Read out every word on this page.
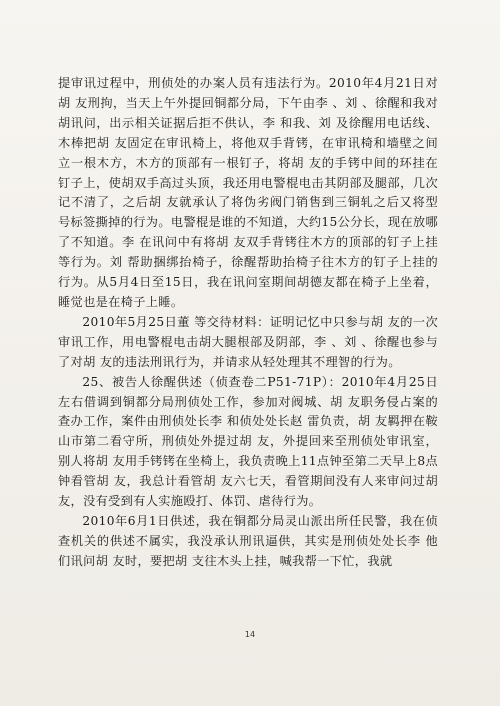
提审讯过程中，刑侦处的办案人员有违法行为。2010年4月21日对胡 友刑拘，当天上午外提回铜都分局，下午由李 、刘 、徐醒和我对胡讯问，出示相关证据后拒不供认，李 和我、刘 及徐醒用电话线、木棒把胡 友固定在审讯椅上，将他双手背铐，在审讯椅和墙壁之间立一根木方，木方的顶部有一根钉子，将胡 友的手铐中间的环挂在钉子上，使胡双手高过头顶，我还用电警棍电击其阴部及腿部，几次记不清了，之后胡 友就承认了将伪劣阀门销售到三铜轧之后又将型号标签撕掉的行为。电警棍是谁的不知道，大约15公分长，现在放哪了不知道。李 在讯问中有将胡 友双手背铐往木方的顶部的钉子上挂等行为。刘 帮助捆绑抬椅子，徐醒帮助抬椅子往木方的钉子上挂的行为。从5月4日至15日，我在讯问室期间胡德友都在椅子上坐着，睡觉也是在椅子上睡。

2010年5月25日董 等交待材料：证明记忆中只参与胡 友的一次审讯工作，用电警棍电击胡大腿根部及阴部，李 、刘 、徐醒也参与了对胡 友的违法刑讯行为，并请求从轻处理其不理智的行为。

25、被告人徐醒供述（侦查卷二P51-71P）：2010年4月25日左右借调到铜都分局刑侦处工作，参加对阀城、胡 友职务侵占案的查办工作，案件由刑侦处长李 和侦处处长赵 雷负责，胡 友羁押在鞍山市第二看守所，刑侦处外提过胡 友，外提回来至刑侦处审讯室，别人将胡 友用手铐铐在坐椅上，我负责晚上11点钟至第二天早上8点钟看管胡 友，我总计看管胡 友六七天，看管期间没有人来审问过胡 友，没有受到有人实施殴打、体罚、虐待行为。

2010年6月1日供述，我在铜都分局灵山派出所任民警，我在侦查机关的供述不属实，我没承认刑讯逼供，其实是刑侦处处长李 他们讯问胡 友时，要把胡 支往木头上挂，喊我帮一下忙，我就

14
